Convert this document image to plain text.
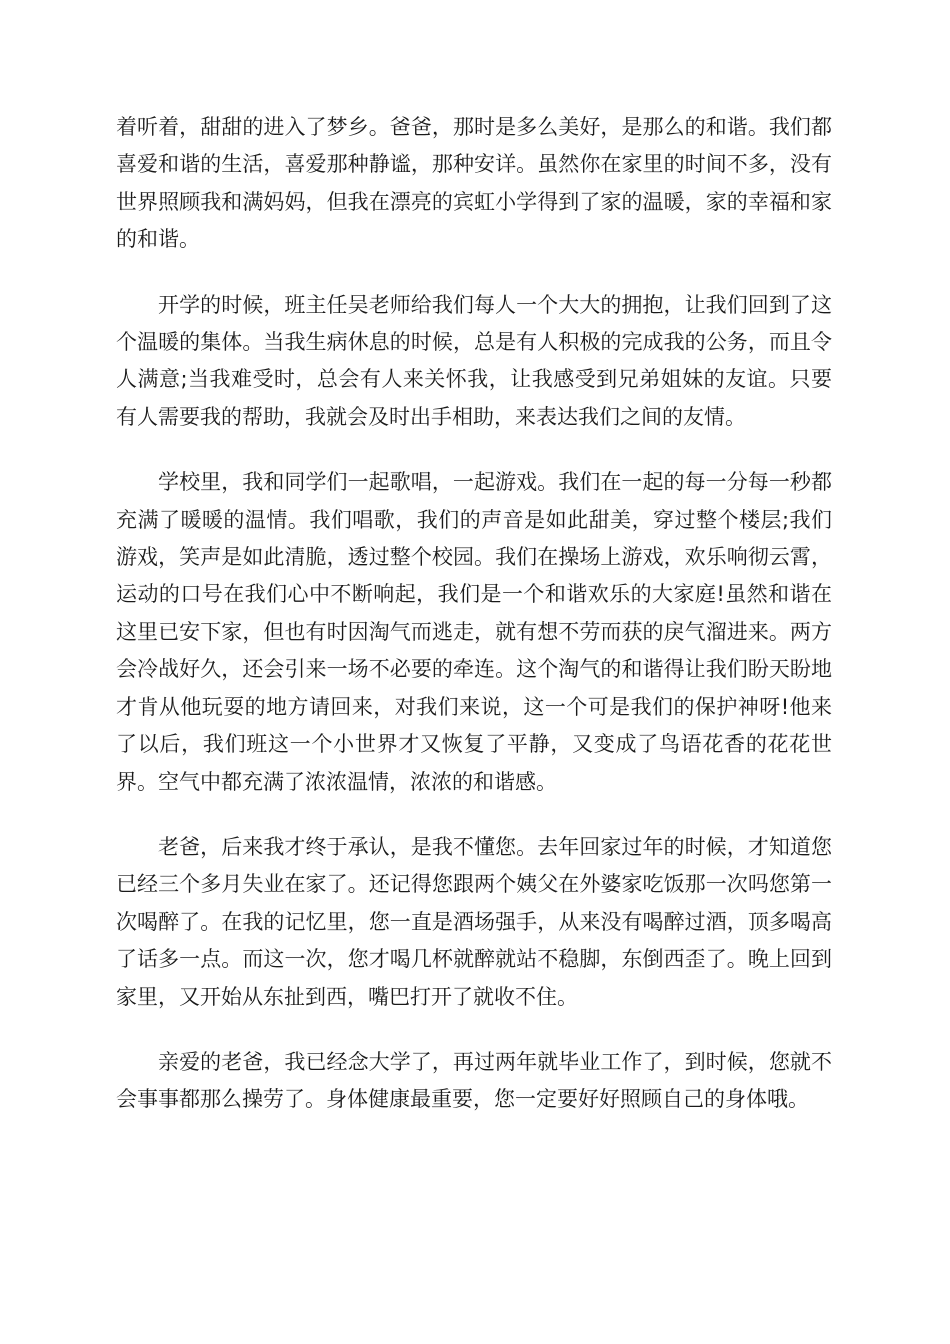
着听着，甜甜的进入了梦乡。爸爸，那时是多么美好，是那么的和谐。我们都喜爱和谐的生活，喜爱那种静谧，那种安详。虽然你在家里的时间不多，没有世界照顾我和满妈妈，但我在漂亮的宾虹小学得到了家的温暖，家的幸福和家的和谐。

开学的时候，班主任吴老师给我们每人一个大大的拥抱，让我们回到了这个温暖的集体。当我生病休息的时候，总是有人积极的完成我的公务，而且令人满意;当我难受时，总会有人来关怀我，让我感受到兄弟姐妹的友谊。只要有人需要我的帮助，我就会及时出手相助，来表达我们之间的友情。

学校里，我和同学们一起歌唱，一起游戏。我们在一起的每一分每一秒都充满了暖暖的温情。我们唱歌，我们的声音是如此甜美，穿过整个楼层;我们游戏，笑声是如此清脆，透过整个校园。我们在操场上游戏，欢乐响彻云霄，运动的口号在我们心中不断响起，我们是一个和谐欢乐的大家庭!虽然和谐在这里已安下家，但也有时因淘气而逃走，就有想不劳而获的戾气溜进来。两方会冷战好久，还会引来一场不必要的牵连。这个淘气的和谐得让我们盼天盼地才肯从他玩耍的地方请回来，对我们来说，这一个可是我们的保护神呀!他来了以后，我们班这一个小世界才又恢复了平静，又变成了鸟语花香的花花世界。空气中都充满了浓浓温情，浓浓的和谐感。

老爸，后来我才终于承认，是我不懂您。去年回家过年的时候，才知道您已经三个多月失业在家了。还记得您跟两个姨父在外婆家吃饭那一次吗您第一次喝醉了。在我的记忆里，您一直是酒场强手，从来没有喝醉过酒，顶多喝高了话多一点。而这一次，您才喝几杯就醉就站不稳脚，东倒西歪了。晚上回到家里，又开始从东扯到西，嘴巴打开了就收不住。

亲爱的老爸，我已经念大学了，再过两年就毕业工作了，到时候，您就不会事事都那么操劳了。身体健康最重要，您一定要好好照顾自己的身体哦。
